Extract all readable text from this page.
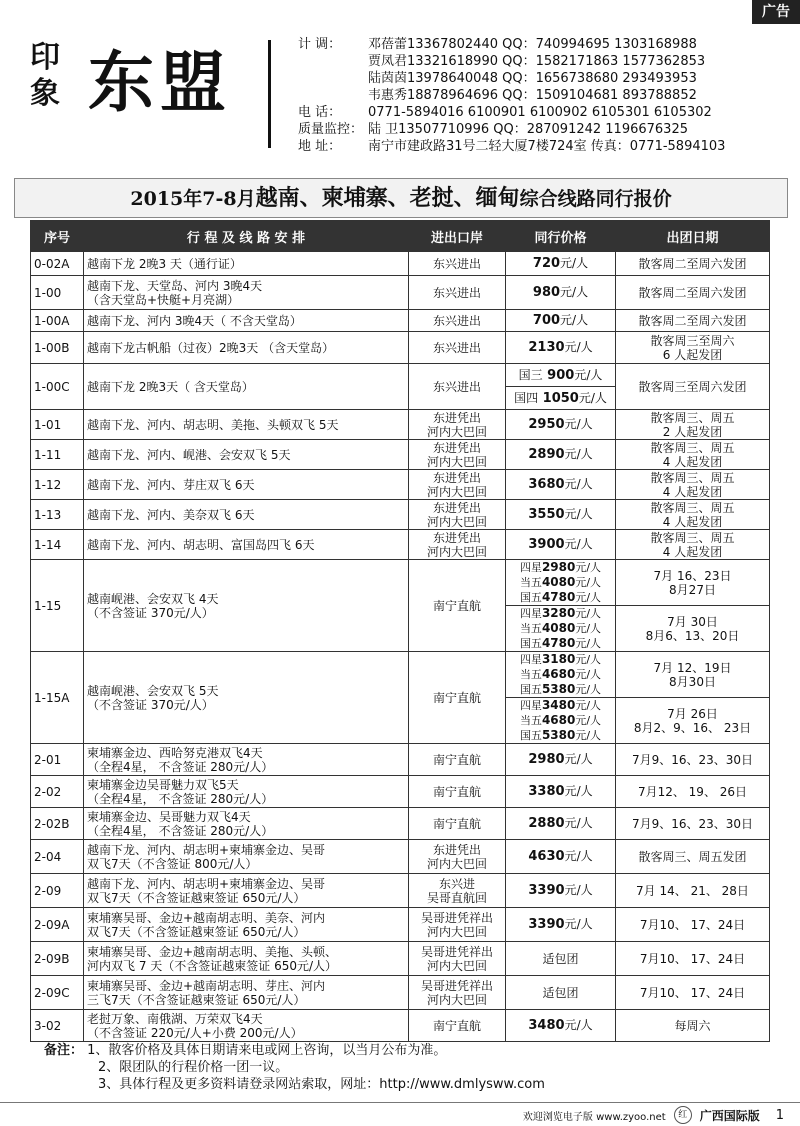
广告
印
象 东盟	计 调：	邓蓓蕾13367802440 QQ：740994695 1303168988
贾凤君13321618990 QQ：1582171863 1577362853
陆茵茵13978640048 QQ：1656738680 293493953
韦惠秀18878964696 QQ：1509104681 893788852
电 话：	0771-5894016 6100901 6100902 6105301 6105302
质量监控： 陆 卫13507710996 QQ：287091242 1196676325
地 址：	南宁市建政路31号二轻大厦7楼724室 传真：0771-5894103
2015年7-8月越南、柬埔寨、老挝、缅甸综合线路同行报价
序号	行 程 及 线 路 安 排	进出口岸	同行价格	出团日期
0-02A	越南下龙 2晚3 天（通行证）	东兴进出	720元/人	散客周二至周六发团
1-00	越南下龙、天堂岛、河内 3晚4天
（含天堂岛+快艇+月亮湖）	东兴进出	980元/人	散客周二至周六发团
1-00A	越南下龙、河内 3晚4天（ 不含天堂岛）	东兴进出	700元/人	散客周二至周六发团
1-00B	越南下龙古帆船（过夜）2晚3天 （含天堂岛）	东兴进出	2130元/人	散客周三至周六
6 人起发团
1-00C	越南下龙 2晚3天（ 含天堂岛）	东兴进出	国三 900元/人
国四 1050元/人	散客周三至周六发团
1-01	越南下龙、河内、胡志明、美拖、头顿双飞 5天	东进凭出
河内大巴回	2950元/人	散客周三、周五
2 人起发团
1-11	越南下龙、河内、岘港、会安双飞 5天	东进凭出
河内大巴回	2890元/人	散客周三、周五
4 人起发团
1-12	越南下龙、河内、芽庄双飞 6天	东进凭出
河内大巴回	3680元/人	散客周三、周五
4 人起发团
1-13	越南下龙、河内、美奈双飞 6天	东进凭出
河内大巴回	3550元/人	散客周三、周五
4 人起发团
1-14	越南下龙、河内、胡志明、富国岛四飞 6天	东进凭出
河内大巴回	3900元/人	散客周三、周五
4 人起发团
1-15	越南岘港、会安双飞 4天
（不含签证 370元/人）	南宁直航	四星2980元/人
当五4080元/人
国五4780元/人	7月 16、23日
8月27日
			四星3280元/人
当五4080元/人
国五4780元/人	7月 30日
8月6、13、20日
1-15A	越南岘港、会安双飞 5天
（不含签证 370元/人）	南宁直航	四星3180元/人
当五4680元/人
国五5380元/人	7月 12、19日
8月30日
			四星3480元/人
当五4680元/人
国五5380元/人	7月 26日
8月2、9、16、 23日
2-01	柬埔寨金边、西哈努克港双飞4天
（全程4星， 不含签证 280元/人）	南宁直航	2980元/人	7月9、16、23、30日
2-02	柬埔寨金边吴哥魅力双飞5天
（全程4星， 不含签证 280元/人）	南宁直航	3380元/人	7月12、 19、 26日
2-02B	柬埔寨金边、吴哥魅力双飞4天
（全程4星， 不含签证 280元/人）	南宁直航	2880元/人	7月9、16、23、30日
2-04	越南下龙、河内、胡志明+柬埔寨金边、吴哥
双飞7天（不含签证 800元/人）	东进凭出
河内大巴回	4630元/人	散客周三、周五发团
2-09	越南下龙、河内、胡志明+柬埔寨金边、吴哥
双飞7天（不含签证越柬签证 650元/人）	东兴进
吴哥直航回	3390元/人	7月 14、 21、 28日
2-09A	柬埔寨吴哥、金边+越南胡志明、美奈、河内
双飞7天（不含签证越柬签证 650元/人）	吴哥进凭祥出
河内大巴回	3390元/人	7月10、 17、24日
2-09B	柬埔寨吴哥、金边+越南胡志明、美拖、头顿、
河内双飞 7 天（不含签证越柬签证 650元/人）	吴哥进凭祥出
河内大巴回	适包团	7月10、 17、24日
2-09C	柬埔寨吴哥、金边+越南胡志明、芽庄、河内
三飞7天（不含签证越柬签证 650元/人）	吴哥进凭祥出
河内大巴回	适包团	7月10、 17、24日
3-02	老挝万象、南俄湖、万荣双飞4天
（不含签证 220元/人+小费 200元/人）	南宁直航	3480元/人	每周六
备注： 1、散客价格及具体日期请来电或网上咨询，以当月公布为准。
2、限团队的行程价格一团一议。
3、具体行程及更多资料请登录网站索取，网址：http://www.dmlysww.com
欢迎浏览电子版 www.zyoo.net	红	广西国际版 1
